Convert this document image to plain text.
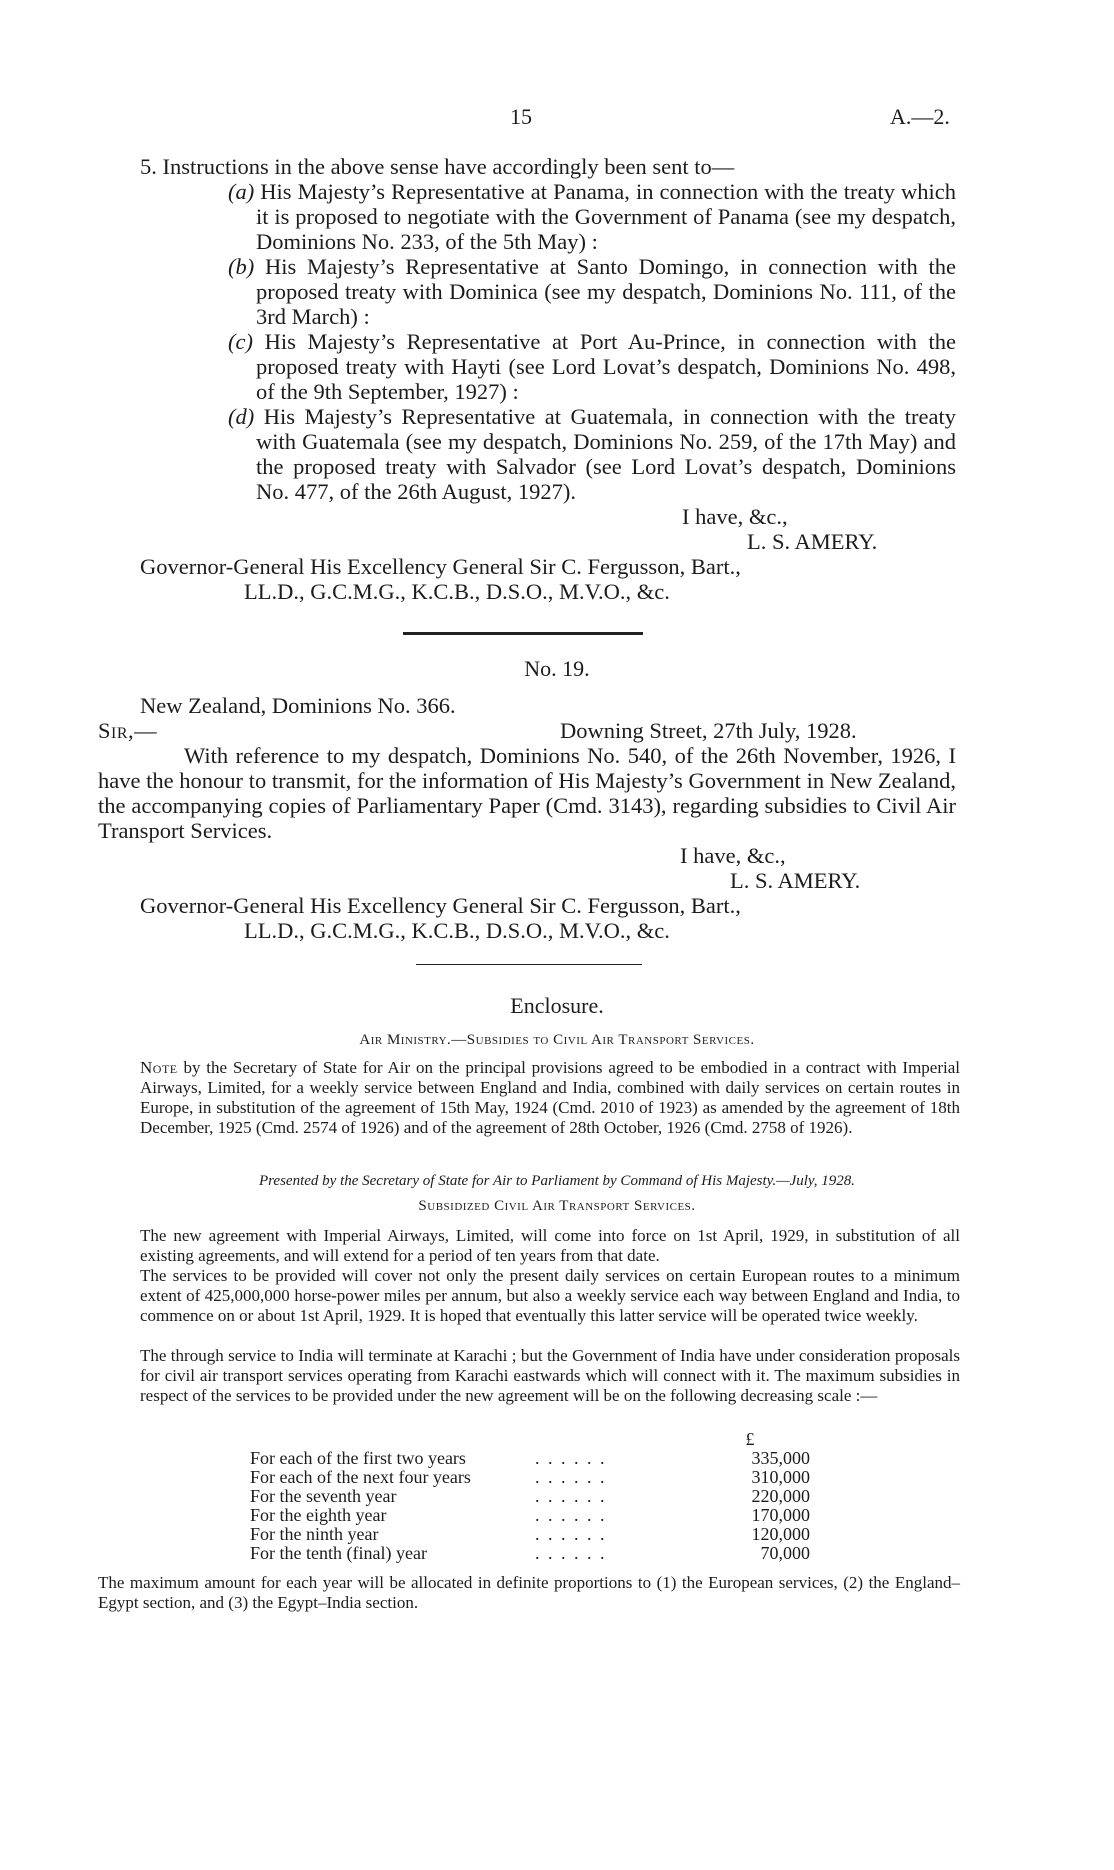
15	A.—2.
5. Instructions in the above sense have accordingly been sent to—
(a) His Majesty’s Representative at Panama, in connection with the treaty which it is proposed to negotiate with the Government of Panama (see my despatch, Dominions No. 233, of the 5th May) :
(b) His Majesty’s Representative at Santo Domingo, in connection with the proposed treaty with Dominica (see my despatch, Dominions No. 111, of the 3rd March) :
(c) His Majesty’s Representative at Port Au-Prince, in connection with the proposed treaty with Hayti (see Lord Lovat’s despatch, Dominions No. 498, of the 9th September, 1927) :
(d) His Majesty’s Representative at Guatemala, in connection with the treaty with Guatemala (see my despatch, Dominions No. 259, of the 17th May) and the proposed treaty with Salvador (see Lord Lovat’s despatch, Dominions No. 477, of the 26th August, 1927).
I have, &c.,
L. S. AMERY.
Governor-General His Excellency General Sir C. Fergusson, Bart.,
LL.D., G.C.M.G., K.C.B., D.S.O., M.V.O., &c.
No. 19.
New Zealand, Dominions No. 366.
Sir,—	Downing Street, 27th July, 1928.
With reference to my despatch, Dominions No. 540, of the 26th November, 1926, I have the honour to transmit, for the information of His Majesty’s Government in New Zealand, the accompanying copies of Parliamentary Paper (Cmd. 3143), regarding subsidies to Civil Air Transport Services.
I have, &c.,
L. S. AMERY.
Governor-General His Excellency General Sir C. Fergusson, Bart.,
LL.D., G.C.M.G., K.C.B., D.S.O., M.V.O., &c.
Enclosure.
Air Ministry.—Subsidies to Civil Air Transport Services.
Note by the Secretary of State for Air on the principal provisions agreed to be embodied in a contract with Imperial Airways, Limited, for a weekly service between England and India, combined with daily services on certain routes in Europe, in substitution of the agreement of 15th May, 1924 (Cmd. 2010 of 1923) as amended by the agreement of 18th December, 1925 (Cmd. 2574 of 1926) and of the agreement of 28th October, 1926 (Cmd. 2758 of 1926).
Presented by the Secretary of State for Air to Parliament by Command of His Majesty.—July, 1928.
Subsidized Civil Air Transport Services.
The new agreement with Imperial Airways, Limited, will come into force on 1st April, 1929, in substitution of all existing agreements, and will extend for a period of ten years from that date.
The services to be provided will cover not only the present daily services on certain European routes to a minimum extent of 425,000,000 horse-power miles per annum, but also a weekly service each way between England and India, to commence on or about 1st April, 1929. It is hoped that eventually this latter service will be operated twice weekly.
The through service to India will terminate at Karachi ; but the Government of India have under consideration proposals for civil air transport services operating from Karachi eastwards which will connect with it. The maximum subsidies in respect of the services to be provided under the new agreement will be on the following decreasing scale :—
£
For each of the first two years	. . . . . .	335,000
For each of the next four years	. . . . . .	310,000
For the seventh year	. . . . . .	220,000
For the eighth year	. . . . . .	170,000
For the ninth year	. . . . . .	120,000
For the tenth (final) year	. . . . . .	70,000
The maximum amount for each year will be allocated in definite proportions to (1) the European services, (2) the England–Egypt section, and (3) the Egypt–India section.
